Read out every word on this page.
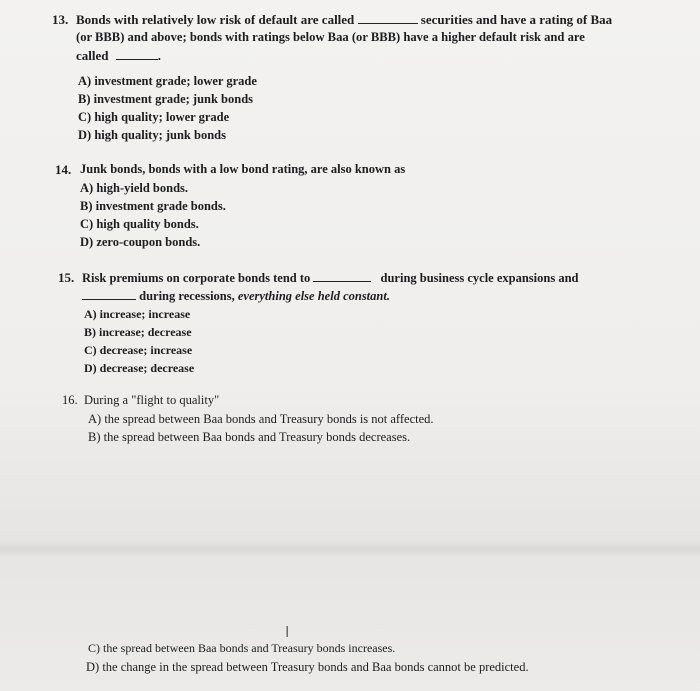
13. Bonds with relatively low risk of default are called	securities and have a rating of Baa
(or BBB) and above; bonds with ratings below Baa (or BBB) have a higher default risk and are
called	.
A) investment grade; lower grade
B) investment grade; junk bonds
C) high quality; lower grade
D) high quality; junk bonds
14. Junk bonds, bonds with a low bond rating, are also known as
A) high-yield bonds.
B) investment grade bonds.
C) high quality bonds.
D) zero-coupon bonds.
15. Risk premiums on corporate bonds tend to	during business cycle expansions and
during recessions, everything else held constant.
A) increase; increase
B) increase; decrease
C) decrease; increase
D) decrease; decrease
16. During a "flight to quality"
A) the spread between Baa bonds and Treasury bonds is not affected.
B) the spread between Baa bonds and Treasury bonds decreases.
I
C) the spread between Baa bonds and Treasury bonds increases.
D) the change in the spread between Treasury bonds and Baa bonds cannot be predicted.
